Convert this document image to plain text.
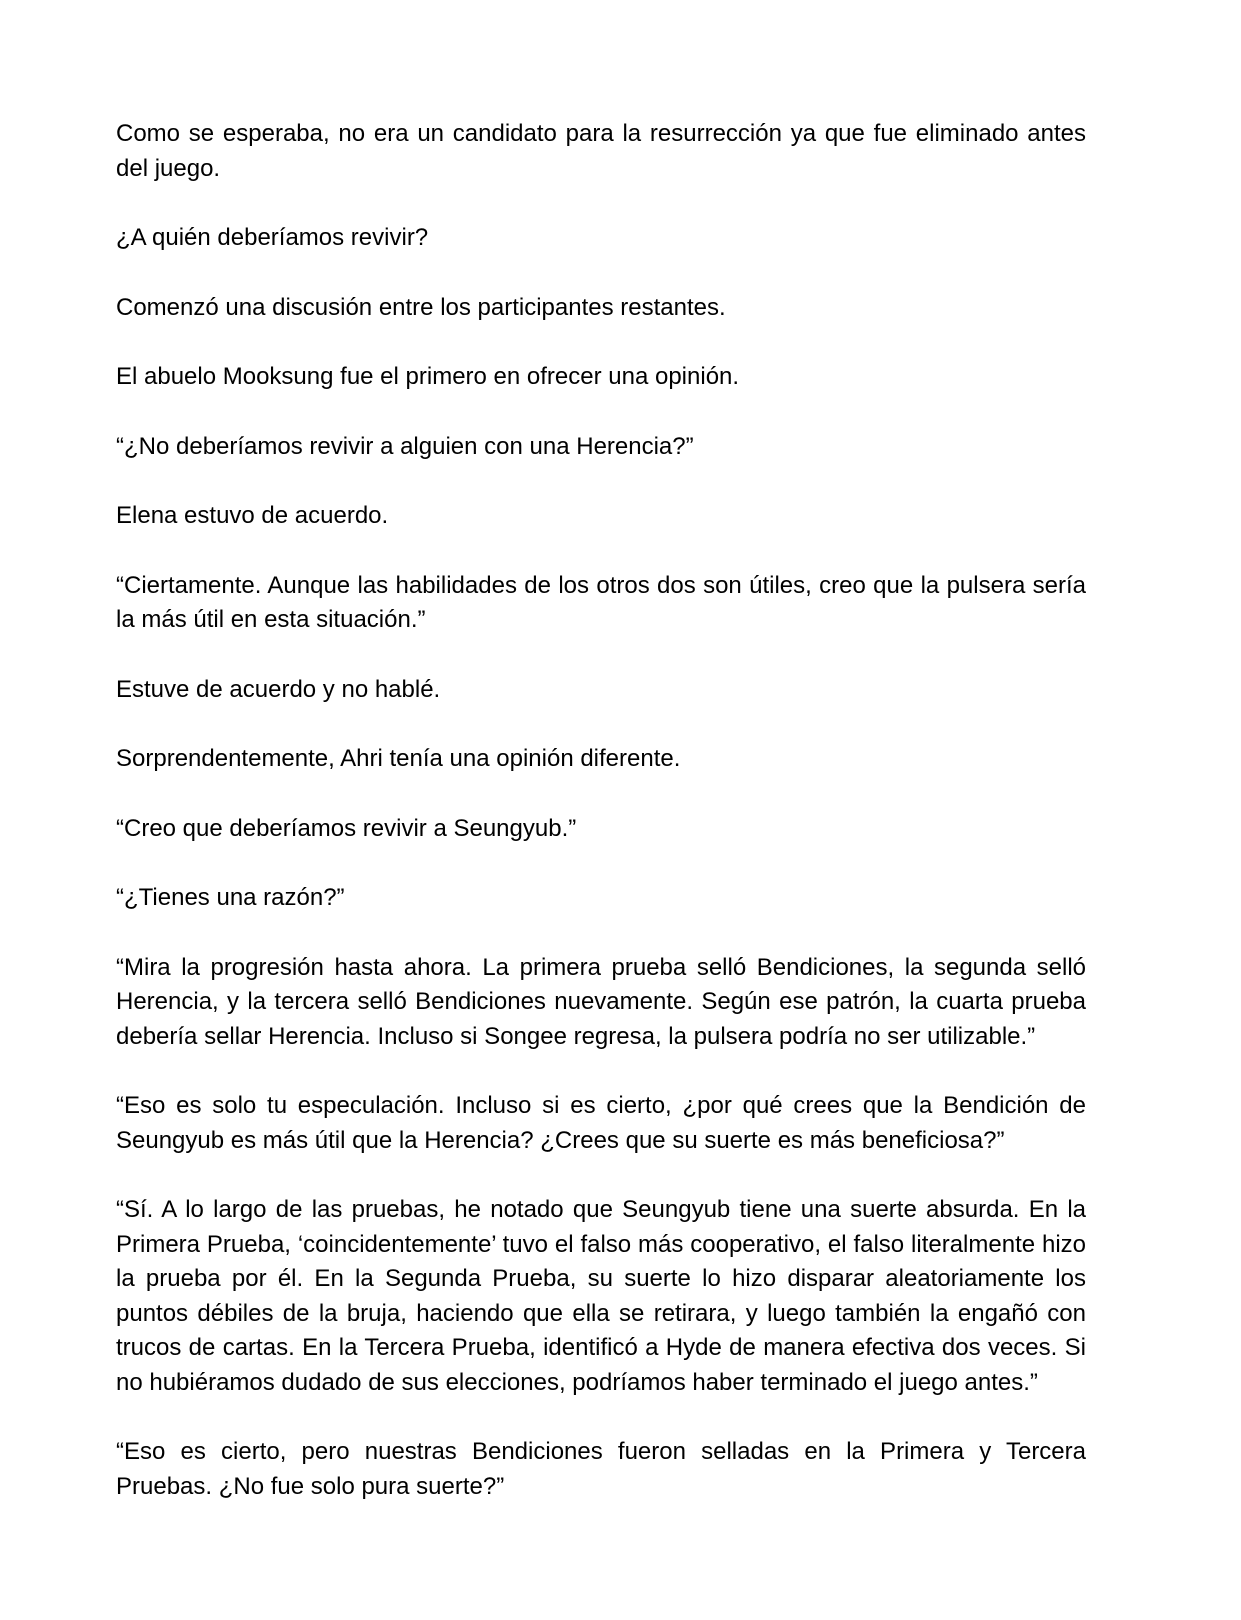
Como se esperaba, no era un candidato para la resurrección ya que fue eliminado antes del juego.

¿A quién deberíamos revivir?

Comenzó una discusión entre los participantes restantes.

El abuelo Mooksung fue el primero en ofrecer una opinión.

“¿No deberíamos revivir a alguien con una Herencia?”

Elena estuvo de acuerdo.

“Ciertamente. Aunque las habilidades de los otros dos son útiles, creo que la pulsera sería la más útil en esta situación.”

Estuve de acuerdo y no hablé.

Sorprendentemente, Ahri tenía una opinión diferente.

“Creo que deberíamos revivir a Seungyub.”

“¿Tienes una razón?”

“Mira la progresión hasta ahora. La primera prueba selló Bendiciones, la segunda selló Herencia, y la tercera selló Bendiciones nuevamente. Según ese patrón, la cuarta prueba debería sellar Herencia. Incluso si Songee regresa, la pulsera podría no ser utilizable.”

“Eso es solo tu especulación. Incluso si es cierto, ¿por qué crees que la Bendición de Seungyub es más útil que la Herencia? ¿Crees que su suerte es más beneficiosa?”

“Sí. A lo largo de las pruebas, he notado que Seungyub tiene una suerte absurda. En la Primera Prueba, ‘coincidentemente’ tuvo el falso más cooperativo, el falso literalmente hizo la prueba por él. En la Segunda Prueba, su suerte lo hizo disparar aleatoriamente los puntos débiles de la bruja, haciendo que ella se retirara, y luego también la engañó con trucos de cartas. En la Tercera Prueba, identificó a Hyde de manera efectiva dos veces. Si no hubiéramos dudado de sus elecciones, podríamos haber terminado el juego antes.”

“Eso es cierto, pero nuestras Bendiciones fueron selladas en la Primera y Tercera Pruebas. ¿No fue solo pura suerte?”
